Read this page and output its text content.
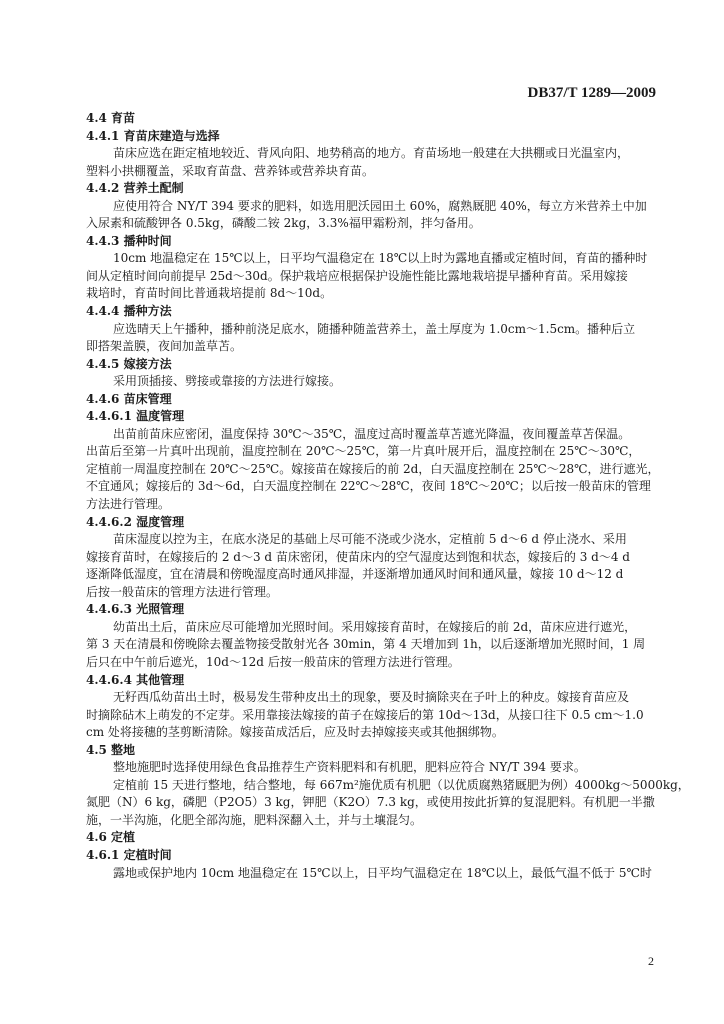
DB37/T 1289—2009
4.4 育苗
4.4.1 育苗床建造与选择
苗床应选在距定植地较近、背风向阳、地势稍高的地方。育苗场地一般建在大拱棚或日光温室内，
塑料小拱棚覆盖，采取育苗盘、营养钵或营养块育苗。
4.4.2 营养土配制
应使用符合 NY/T 394 要求的肥料，如选用肥沃园田土 60%，腐熟厩肥 40%，每立方米营养土中加
入尿素和硫酸钾各 0.5kg，磷酸二铵 2kg，3.3%福甲霜粉剂，拌匀备用。
4.4.3 播种时间
10cm 地温稳定在 15℃以上，日平均气温稳定在 18℃以上时为露地直播或定植时间，育苗的播种时
间从定植时间向前提早 25d～30d。保护栽培应根据保护设施性能比露地栽培提早播种育苗。采用嫁接
栽培时，育苗时间比普通栽培提前 8d～10d。
4.4.4 播种方法
应选晴天上午播种，播种前浇足底水，随播种随盖营养土，盖土厚度为 1.0cm～1.5cm。播种后立
即搭架盖膜，夜间加盖草苫。
4.4.5 嫁接方法
采用顶插接、劈接或靠接的方法进行嫁接。
4.4.6 苗床管理
4.4.6.1 温度管理
出苗前苗床应密闭，温度保持 30℃～35℃，温度过高时覆盖草苫遮光降温，夜间覆盖草苫保温。
出苗后至第一片真叶出现前，温度控制在 20℃～25℃，第一片真叶展开后，温度控制在 25℃～30℃，
定植前一周温度控制在 20℃～25℃。嫁接苗在嫁接后的前 2d，白天温度控制在 25℃～28℃，进行遮光，
不宜通风；嫁接后的 3d～6d，白天温度控制在 22℃～28℃，夜间 18℃～20℃；以后按一般苗床的管理
方法进行管理。
4.4.6.2 湿度管理
苗床湿度以控为主，在底水浇足的基础上尽可能不浇或少浇水，定植前 5 d～6 d 停止浇水、采用
嫁接育苗时，在嫁接后的 2 d～3 d 苗床密闭，使苗床内的空气湿度达到饱和状态，嫁接后的 3 d～4 d
逐渐降低湿度，宜在清晨和傍晚湿度高时通风排湿，并逐渐增加通风时间和通风量，嫁接 10 d～12 d
后按一般苗床的管理方法进行管理。
4.4.6.3 光照管理
幼苗出土后，苗床应尽可能增加光照时间。采用嫁接育苗时，在嫁接后的前 2d，苗床应进行遮光，
第 3 天在清晨和傍晚除去覆盖物接受散射光各 30min，第 4 天增加到 1h，以后逐渐增加光照时间，1 周
后只在中午前后遮光，10d～12d 后按一般苗床的管理方法进行管理。
4.4.6.4 其他管理
无籽西瓜幼苗出土时，极易发生带种皮出土的现象，要及时摘除夹在子叶上的种皮。嫁接育苗应及
时摘除砧木上萌发的不定芽。采用靠接法嫁接的苗子在嫁接后的第 10d～13d，从接口往下 0.5 cm～1.0
cm 处将接穗的茎剪断清除。嫁接苗成活后，应及时去掉嫁接夹或其他捆绑物。
4.5 整地
整地施肥时选择使用绿色食品推荐生产资料肥料和有机肥，肥料应符合 NY/T 394 要求。
定植前 15 天进行整地，结合整地，每 667m²施优质有机肥（以优质腐熟猪厩肥为例）4000kg～5000kg，
氮肥（N）6 kg，磷肥（P2O5）3 kg，钾肥（K2O）7.3 kg，或使用按此折算的复混肥料。有机肥一半撒
施，一半沟施，化肥全部沟施，肥料深翻入土，并与土壤混匀。
4.6 定植
4.6.1 定植时间
露地或保护地内 10cm 地温稳定在 15℃以上，日平均气温稳定在 18℃以上，最低气温不低于 5℃时
2
